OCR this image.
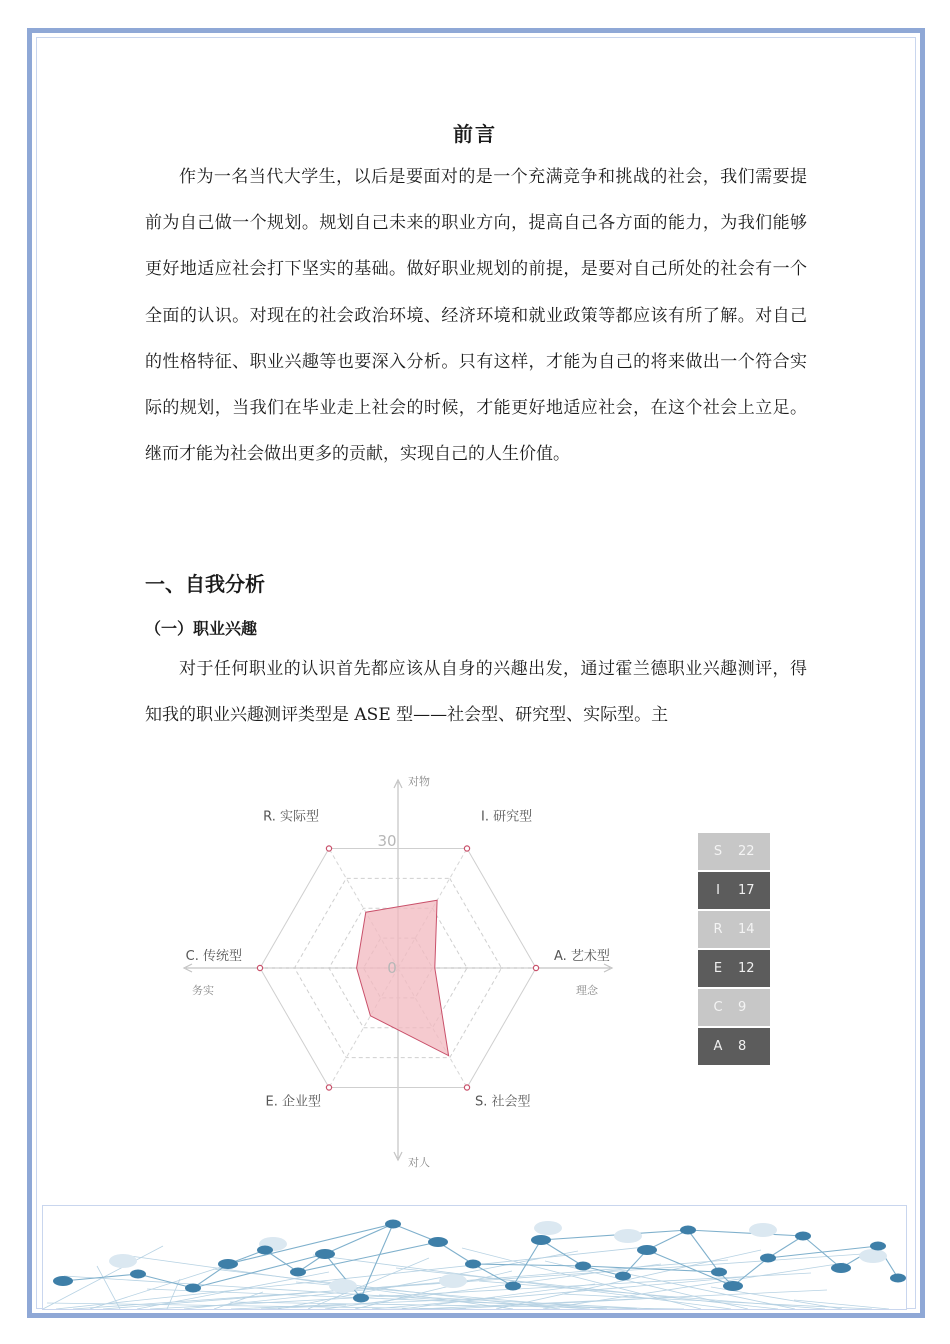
前言

作为一名当代大学生，以后是要面对的是一个充满竞争和挑战的社会，我们需要提前为自己做一个规划。规划自己未来的职业方向，提高自己各方面的能力，为我们能够更好地适应社会打下坚实的基础。做好职业规划的前提，是要对自己所处的社会有一个全面的认识。对现在的社会政治环境、经济环境和就业政策等都应该有所了解。对自己的性格特征、职业兴趣等也要深入分析。只有这样，才能为自己的将来做出一个符合实际的规划，当我们在毕业走上社会的时候，才能更好地适应社会，在这个社会上立足。继而才能为社会做出更多的贡献，实现自己的人生价值。

一、自我分析
（一）职业兴趣

对于任何职业的认识首先都应该从自身的兴趣出发，通过霍兰德职业兴趣测评，得知我的职业兴趣测评类型是 ASE 型——社会型、研究型、实际型。主

I. 研究型
A. 艺术型
S. 社会型
E. 企业型
C. 传统型
R. 实际型
30
0
对物
对人
务实	理念
S	22
I	17
R	14
E	12
C	9
A	8
